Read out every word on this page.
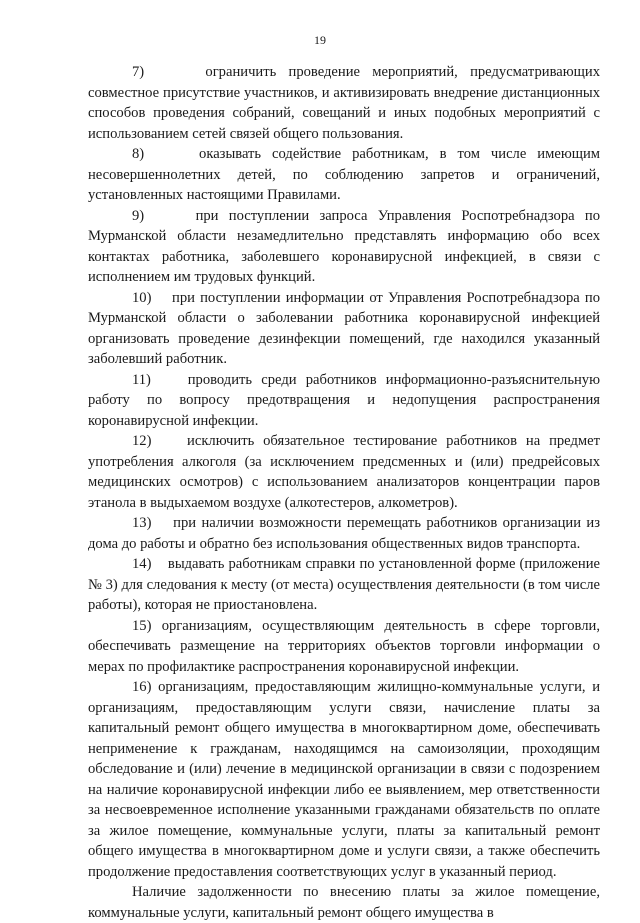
19

7)     ограничить проведение мероприятий, предусматривающих совместное присутствие участников, и активизировать внедрение дистанционных способов проведения собраний, совещаний и иных подобных мероприятий с использованием сетей связей общего пользования.

8)     оказывать содействие работникам, в том числе имеющим несовершеннолетних детей, по соблюдению запретов и ограничений, установленных настоящими Правилами.

9)     при поступлении запроса Управления Роспотребнадзора по Мурманской области незамедлительно представлять информацию обо всех контактах работника, заболевшего коронавирусной инфекцией, в связи с исполнением им трудовых функций.

10)    при поступлении информации от Управления Роспотребнадзора по Мурманской области о заболевании работника коронавирусной инфекцией организовать проведение дезинфекции помещений, где находился указанный заболевший работник.

11)    проводить среди работников информационно-разъяснительную работу по вопросу предотвращения и недопущения распространения коронавирусной инфекции.

12)    исключить обязательное тестирование работников на предмет употребления алкоголя (за исключением предсменных и (или) предрейсовых медицинских осмотров) с использованием анализаторов концентрации паров этанола в выдыхаемом воздухе (алкотестеров, алкометров).

13)    при наличии возможности перемещать работников организации из дома до работы и обратно без использования общественных видов транспорта.

14)    выдавать работникам справки по установленной форме (приложение № 3) для следования к месту (от места) осуществления деятельности (в том числе работы), которая не приостановлена.

15) организациям, осуществляющим деятельность в сфере торговли, обеспечивать размещение на территориях объектов торговли информации о мерах по профилактике распространения коронавирусной инфекции.

16) организациям, предоставляющим жилищно-коммунальные услуги, и организациям, предоставляющим услуги связи, начисление платы за капитальный ремонт общего имущества в многоквартирном доме, обеспечивать неприменение к гражданам, находящимся на самоизоляции, проходящим обследование и (или) лечение в медицинской организации в связи с подозрением на наличие коронавирусной инфекции либо ее выявлением, мер ответственности за несвоевременное исполнение указанными гражданами обязательств по оплате за жилое помещение, коммунальные услуги, платы за капитальный ремонт общего имущества в многоквартирном доме и услуги связи, а также обеспечить продолжение предоставления соответствующих услуг в указанный период.

Наличие задолженности по внесению платы за жилое помещение, коммунальные услуги, капитальный ремонт общего имущества в
